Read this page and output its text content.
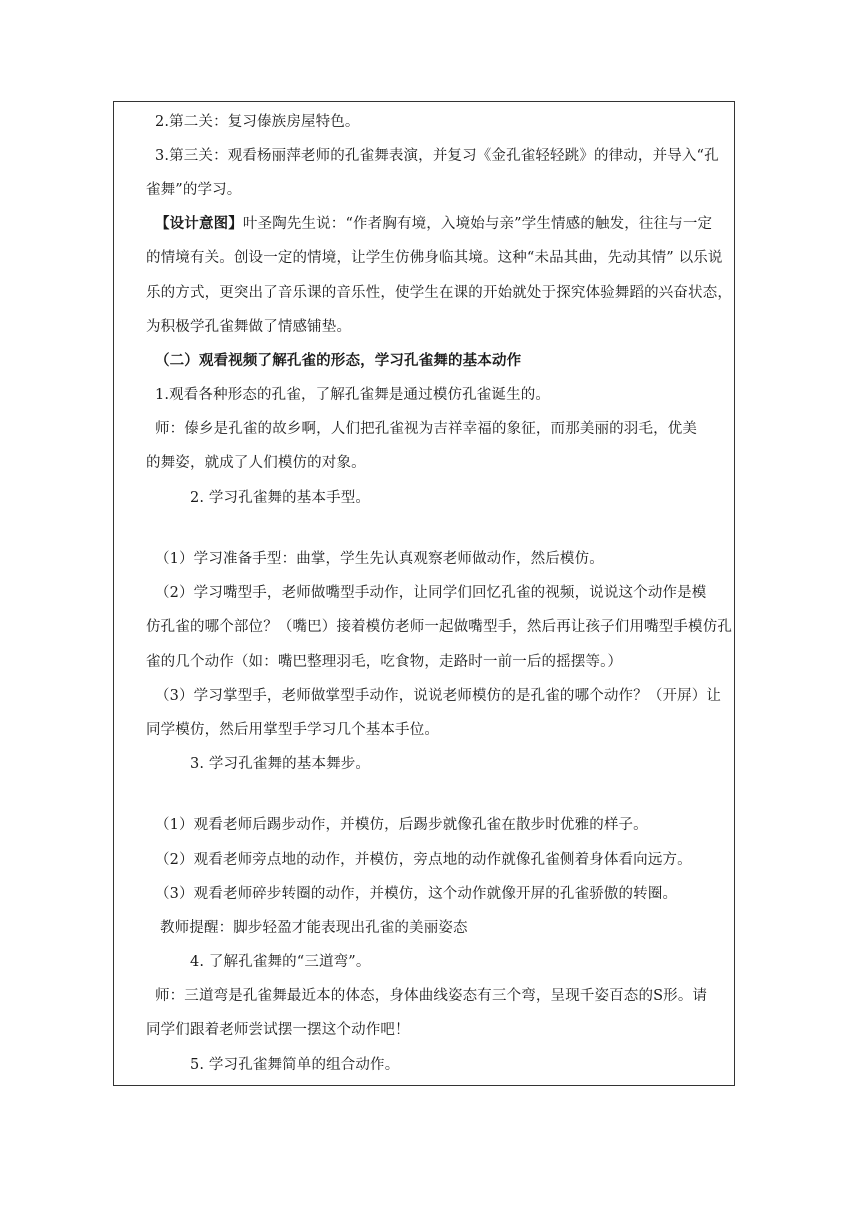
2.第二关：复习傣族房屋特色。
3.第三关：观看杨丽萍老师的孔雀舞表演，并复习《金孔雀轻轻跳》的律动，并导入“孔
雀舞”的学习。
【设计意图】叶圣陶先生说：“作者胸有境，入境始与亲”学生情感的触发，往往与一定
的情境有关。创设一定的情境，让学生仿佛身临其境。这种“未品其曲，先动其情” 以乐说
乐的方式，更突出了音乐课的音乐性，使学生在课的开始就处于探究体验舞蹈的兴奋状态，
为积极学孔雀舞做了情感铺垫。
（二）观看视频了解孔雀的形态，学习孔雀舞的基本动作
1.观看各种形态的孔雀，了解孔雀舞是通过模仿孔雀诞生的。
师：傣乡是孔雀的故乡啊，人们把孔雀视为吉祥幸福的象征，而那美丽的羽毛，优美
的舞姿，就成了人们模仿的对象。
2. 学习孔雀舞的基本手型。
（1）学习准备手型：曲掌，学生先认真观察老师做动作，然后模仿。
（2）学习嘴型手，老师做嘴型手动作，让同学们回忆孔雀的视频，说说这个动作是模
仿孔雀的哪个部位？（嘴巴）接着模仿老师一起做嘴型手，然后再让孩子们用嘴型手模仿孔
雀的几个动作（如：嘴巴整理羽毛，吃食物，走路时一前一后的摇摆等。）
（3）学习掌型手，老师做掌型手动作，说说老师模仿的是孔雀的哪个动作？（开屏）让
同学模仿，然后用掌型手学习几个基本手位。
3. 学习孔雀舞的基本舞步。
（1）观看老师后踢步动作，并模仿，后踢步就像孔雀在散步时优雅的样子。
（2）观看老师旁点地的动作，并模仿，旁点地的动作就像孔雀侧着身体看向远方。
（3）观看老师碎步转圈的动作，并模仿，这个动作就像开屏的孔雀骄傲的转圈。
教师提醒：脚步轻盈才能表现出孔雀的美丽姿态
4. 了解孔雀舞的“三道弯”。
师：三道弯是孔雀舞最近本的体态，身体曲线姿态有三个弯，呈现千姿百态的S形。请
同学们跟着老师尝试摆一摆这个动作吧！
5. 学习孔雀舞简单的组合动作。
